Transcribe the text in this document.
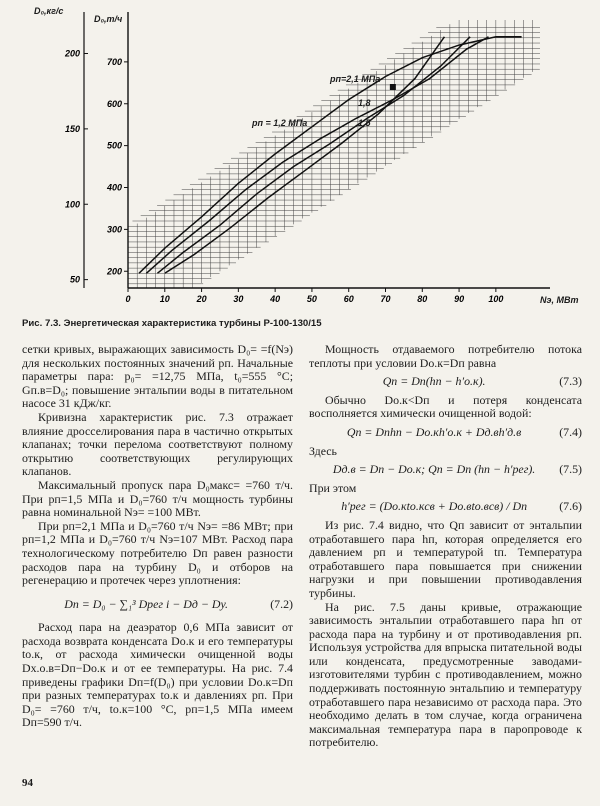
0	10	20	30	40	50	60	70	80	90	100
700
600
500
400
300
200
200
150
100
50
D₀,кг/с
D₀,т/ч
Nэ, МВт
pп=2,1 МПа
1,8
1,5
pп = 1,2 МПа
Рис. 7.3. Энергетическая характеристика турбины Р-100-130/15

сетки кривых, выражающих зависимость D₀= =f(Nэ) для нескольких постоянных значений pп. Начальные параметры пара: p₀= =12,75 МПа, t₀=555 °C; Gп.в=D₀; повышение энтальпии воды в питательном насосе 31 кДж/кг.

Кривизна характеристик рис. 7.3 отражает влияние дросселирования пара в частично открытых клапанах; точки перелома соответствуют полному открытию соответствующих регулирующих клапанов.

Максимальный пропуск пара D₀макс= =760 т/ч. При pп=1,5 МПа и D₀=760 т/ч мощность турбины равна номинальной Nэ= =100 МВт.

При pп=2,1 МПа и D₀=760 т/ч Nэ= =86 МВт; при pп=1,2 МПа и D₀=760 т/ч Nэ=107 МВт. Расход пара технологическому потребителю Dп равен разности расходов пара на турбину D₀ и отборов на регенерацию и протечек через уплотнения:

Dп = D₀ − ∑₁³ Dрег i − Dд − Dу.	(7.2)

Расход пара на деаэратор 0,6 МПа зависит от расхода возврата конденсата Dо.к и его температуры tо.к, от расхода химически очищенной воды Dх.о.в=Dп−Dо.к и от ее температуры. На рис. 7.4 приведены графики Dп=f(D₀) при условии Dо.к=Dп при разных температурах tо.к и давлениях pп. При D₀= =760 т/ч, tо.к=100 °C, pп=1,5 МПа имеем Dп=590 т/ч.

Мощность отдаваемого потребителю потока теплоты при условии Dо.к=Dп равна

Qп = Dп(hп − h′о.к).	(7.3)

Обычно Dо.к<Dп и потеря конденсата восполняется химически очищенной водой:

Qп = Dпhп − Dо.кh′о.к + Dд.вh′д.в	(7.4)

Здесь

Dд.в = Dп − Dо.к; Qп = Dп (hп − h′рег).	(7.5)

При этом

h′рег = (Dо.кtо.кcв + Dо.вtо.вcв) / Dп	(7.6)

Из рис. 7.4 видно, что Qп зависит от энтальпии отработавшего пара hп, которая определяется его давлением pп и температурой tп. Температура отработавшего пара повышается при снижении нагрузки и при повышении противодавления турбины.

На рис. 7.5 даны кривые, отражающие зависимость энтальпии отработавшего пара hп от расхода пара на турбину и от противодавления pп. Используя устройства для впрыска питательной воды или конденсата, предусмотренные заводами-изготовителями турбин с противодавлением, можно поддерживать постоянную энтальпию и температуру отработавшего пара независимо от расхода пара. Это необходимо делать в том случае, когда ограничена максимальная температура пара в паропроводе к потребителю.

94
